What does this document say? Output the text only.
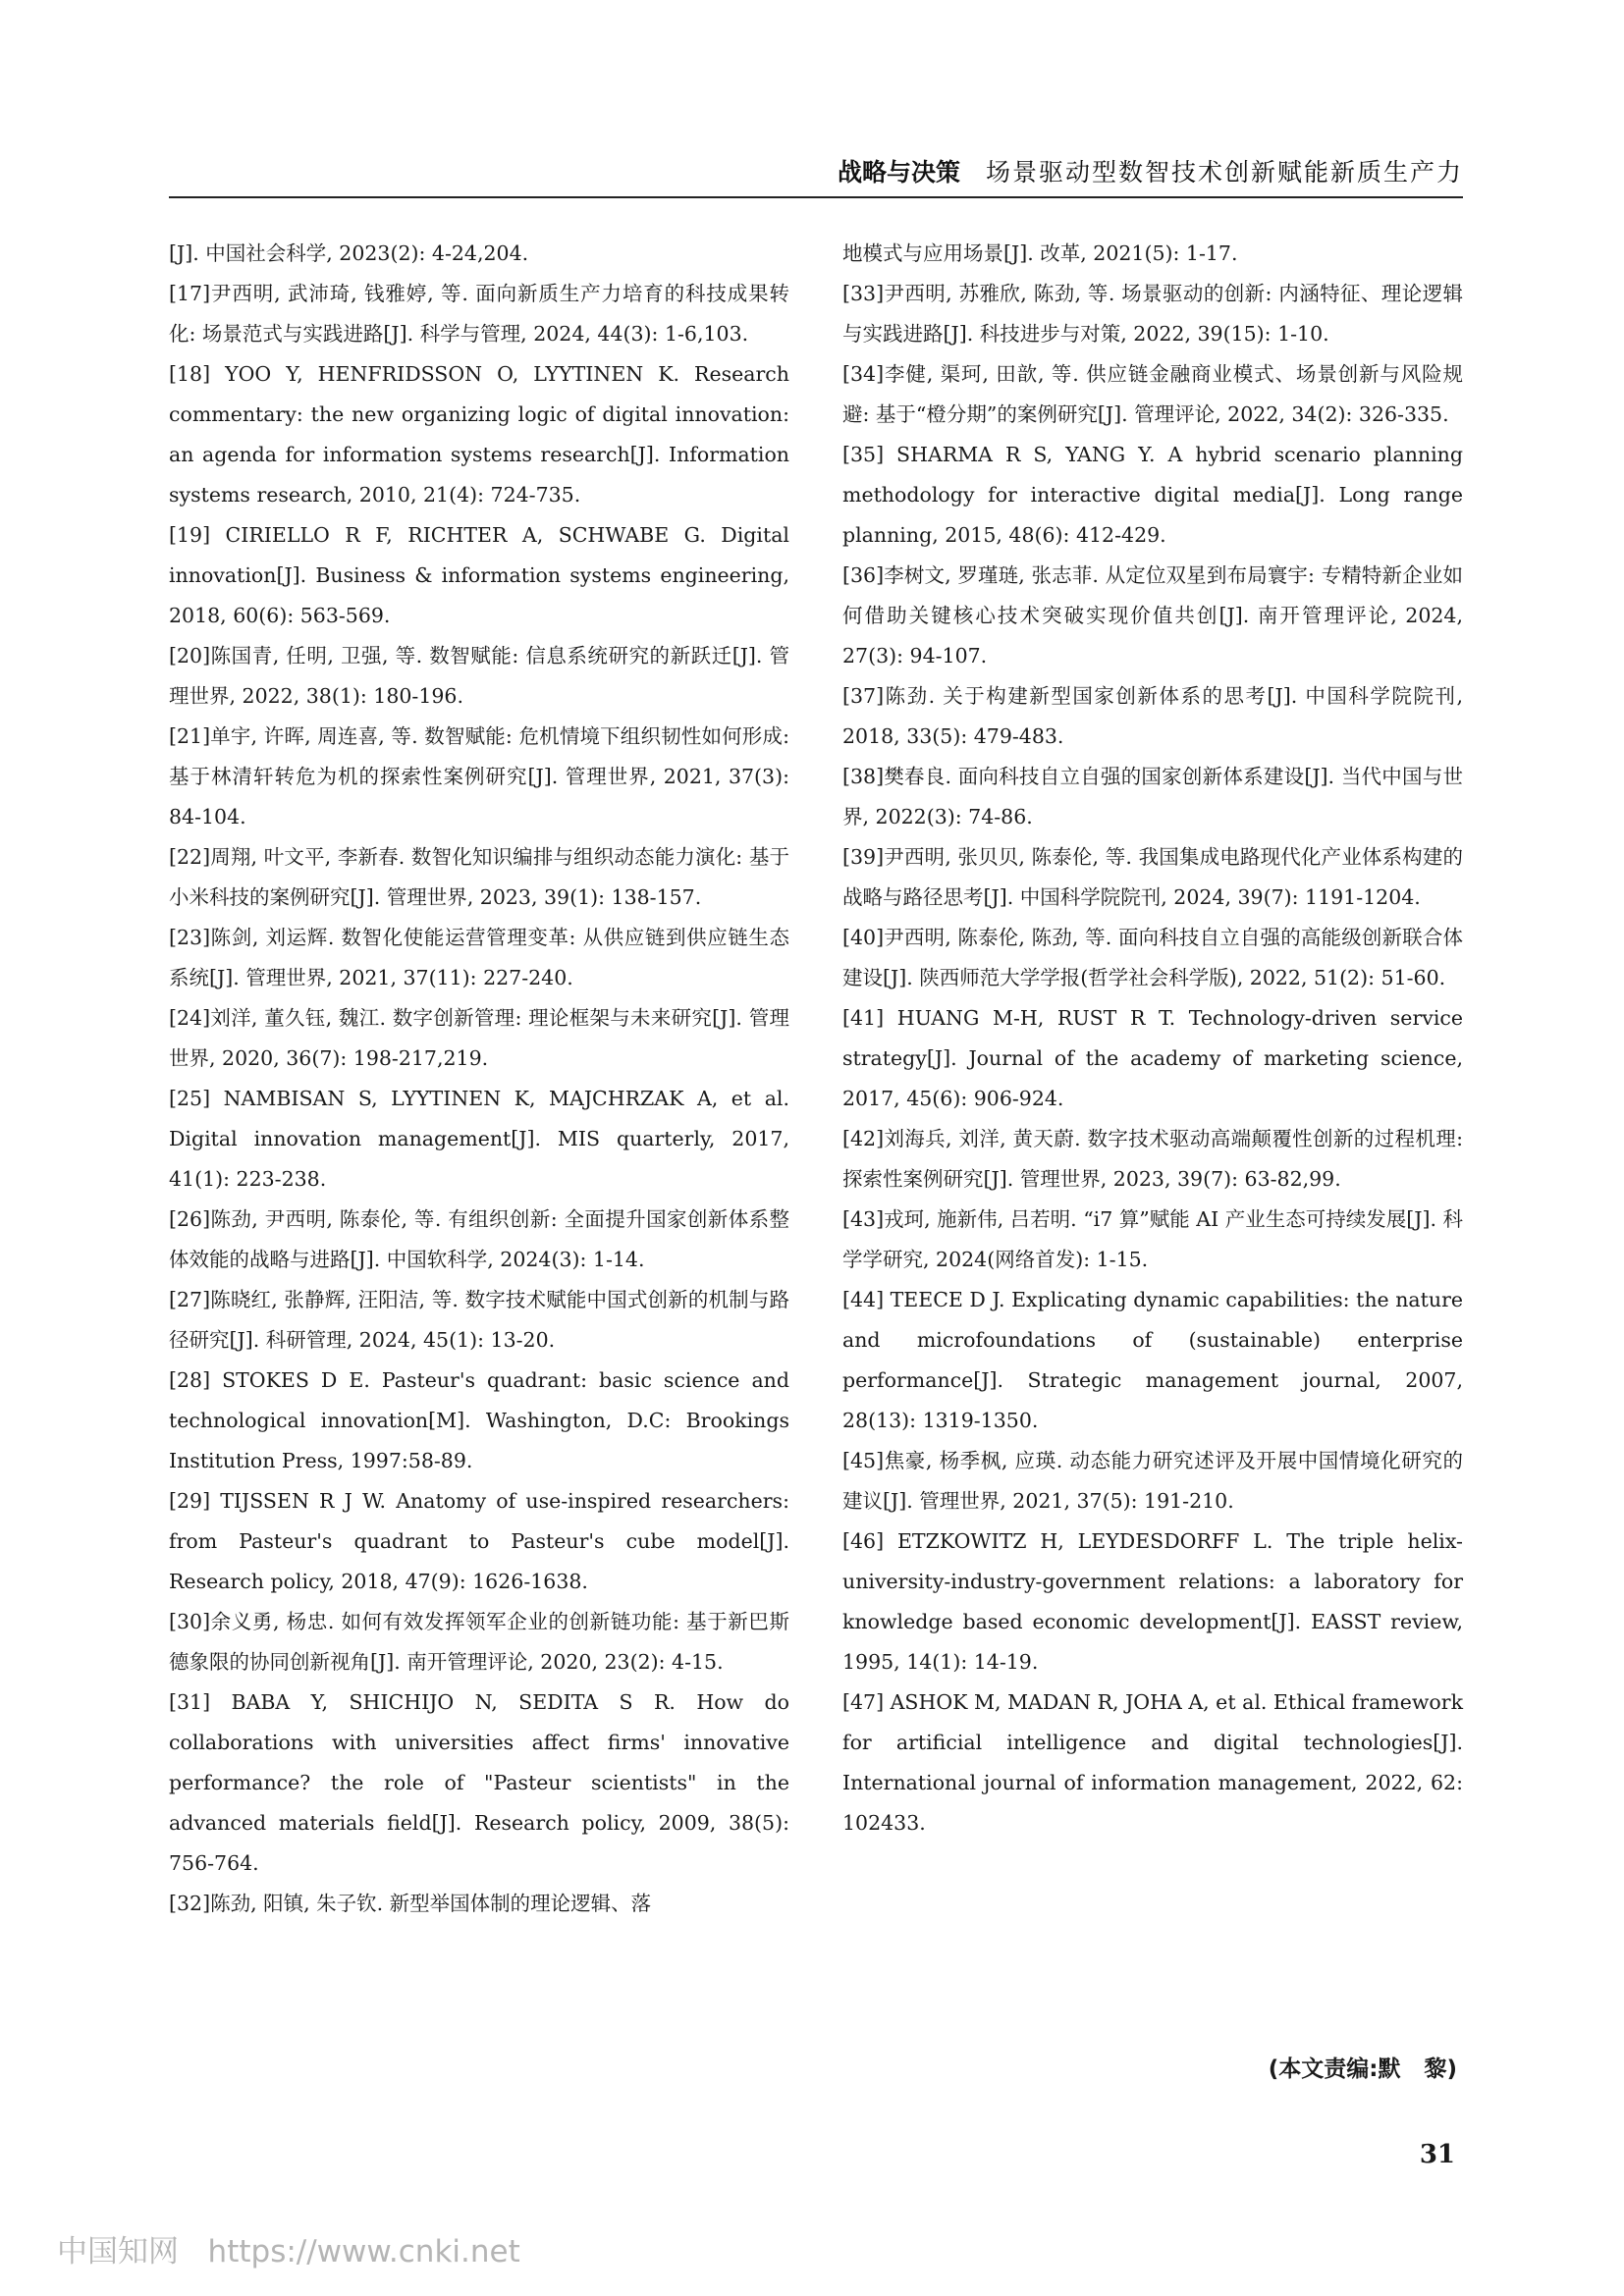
战略与决策 场景驱动型数智技术创新赋能新质生产力

[J]. 中国社会科学, 2023(2): 4-24,204.

[17]尹西明, 武沛琦, 钱雅婷, 等. 面向新质生产力培育的科技成果转化: 场景范式与实践进路[J]. 科学与管理, 2024, 44(3): 1-6,103.

[18] YOO Y, HENFRIDSSON O, LYYTINEN K. Research commentary: the new organizing logic of digital innovation: an agenda for information systems research[J]. Information systems research, 2010, 21(4): 724-735.

[19] CIRIELLO R F, RICHTER A, SCHWABE G. Digital innovation[J]. Business & information systems engineering, 2018, 60(6): 563-569.

[20]陈国青, 任明, 卫强, 等. 数智赋能: 信息系统研究的新跃迁[J]. 管理世界, 2022, 38(1): 180-196.

[21]单宇, 许晖, 周连喜, 等. 数智赋能: 危机情境下组织韧性如何形成: 基于林清轩转危为机的探索性案例研究[J]. 管理世界, 2021, 37(3): 84-104.

[22]周翔, 叶文平, 李新春. 数智化知识编排与组织动态能力演化: 基于小米科技的案例研究[J]. 管理世界, 2023, 39(1): 138-157.

[23]陈剑, 刘运辉. 数智化使能运营管理变革: 从供应链到供应链生态系统[J]. 管理世界, 2021, 37(11): 227-240.

[24]刘洋, 董久钰, 魏江. 数字创新管理: 理论框架与未来研究[J]. 管理世界, 2020, 36(7): 198-217,219.

[25] NAMBISAN S, LYYTINEN K, MAJCHRZAK A, et al. Digital innovation management[J]. MIS quarterly, 2017, 41(1): 223-238.

[26]陈劲, 尹西明, 陈泰伦, 等. 有组织创新: 全面提升国家创新体系整体效能的战略与进路[J]. 中国软科学, 2024(3): 1-14.

[27]陈晓红, 张静辉, 汪阳洁, 等. 数字技术赋能中国式创新的机制与路径研究[J]. 科研管理, 2024, 45(1): 13-20.

[28] STOKES D E. Pasteur's quadrant: basic science and technological innovation[M]. Washington, D.C: Brookings Institution Press, 1997:58-89.

[29] TIJSSEN R J W. Anatomy of use-inspired researchers: from Pasteur's quadrant to Pasteur's cube model[J]. Research policy, 2018, 47(9): 1626-1638.

[30]余义勇, 杨忠. 如何有效发挥领军企业的创新链功能: 基于新巴斯德象限的协同创新视角[J]. 南开管理评论, 2020, 23(2): 4-15.

[31] BABA Y, SHICHIJO N, SEDITA S R. How do collaborations with universities affect firms' innovative performance? the role of "Pasteur scientists" in the advanced materials field[J]. Research policy, 2009, 38(5): 756-764.

[32]陈劲, 阳镇, 朱子钦. 新型举国体制的理论逻辑、落

地模式与应用场景[J]. 改革, 2021(5): 1-17.

[33]尹西明, 苏雅欣, 陈劲, 等. 场景驱动的创新: 内涵特征、理论逻辑与实践进路[J]. 科技进步与对策, 2022, 39(15): 1-10.

[34]李健, 渠珂, 田歆, 等. 供应链金融商业模式、场景创新与风险规避: 基于“橙分期”的案例研究[J]. 管理评论, 2022, 34(2): 326-335.

[35] SHARMA R S, YANG Y. A hybrid scenario planning methodology for interactive digital media[J]. Long range planning, 2015, 48(6): 412-429.

[36]李树文, 罗瑾琏, 张志菲. 从定位双星到布局寰宇: 专精特新企业如何借助关键核心技术突破实现价值共创[J]. 南开管理评论, 2024, 27(3): 94-107.

[37]陈劲. 关于构建新型国家创新体系的思考[J]. 中国科学院院刊, 2018, 33(5): 479-483.

[38]樊春良. 面向科技自立自强的国家创新体系建设[J]. 当代中国与世界, 2022(3): 74-86.

[39]尹西明, 张贝贝, 陈泰伦, 等. 我国集成电路现代化产业体系构建的战略与路径思考[J]. 中国科学院院刊, 2024, 39(7): 1191-1204.

[40]尹西明, 陈泰伦, 陈劲, 等. 面向科技自立自强的高能级创新联合体建设[J]. 陕西师范大学学报(哲学社会科学版), 2022, 51(2): 51-60.

[41] HUANG M-H, RUST R T. Technology-driven service strategy[J]. Journal of the academy of marketing science, 2017, 45(6): 906-924.

[42]刘海兵, 刘洋, 黄天蔚. 数字技术驱动高端颠覆性创新的过程机理: 探索性案例研究[J]. 管理世界, 2023, 39(7): 63-82,99.

[43]戎珂, 施新伟, 吕若明. “i7 算”赋能 AI 产业生态可持续发展[J]. 科学学研究, 2024(网络首发): 1-15.

[44] TEECE D J. Explicating dynamic capabilities: the nature and microfoundations of (sustainable) enterprise performance[J]. Strategic management journal, 2007, 28(13): 1319-1350.

[45]焦豪, 杨季枫, 应瑛. 动态能力研究述评及开展中国情境化研究的建议[J]. 管理世界, 2021, 37(5): 191-210.

[46] ETZKOWITZ H, LEYDESDORFF L. The triple helix-university-industry-government relations: a laboratory for knowledge based economic development[J]. EASST review, 1995, 14(1): 14-19.

[47] ASHOK M, MADAN R, JOHA A, et al. Ethical framework for artificial intelligence and digital technologies[J]. International journal of information management, 2022, 62: 102433.

(本文责编:默   黎)
31
中国知网   https://www.cnki.net
